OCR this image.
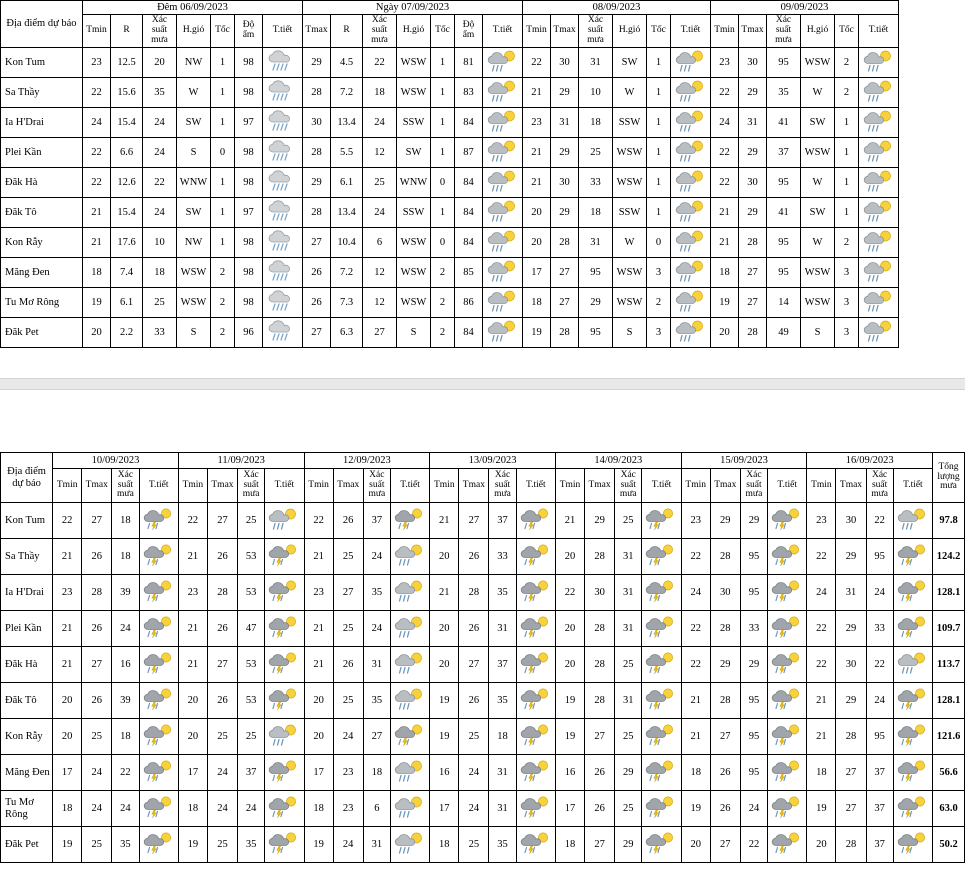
Địa điểm dự báo	Đêm 06/09/2023							Ngày 07/09/2023							08/09/2023						09/09/2023					
	Tmin	R	Xác suất mưa	H.gió	Tốc	Độ ẩm	T.tiết	Tmax	R	Xác suất mưa	H.gió	Tốc	Độ ẩm	T.tiết	Tmin	Tmax	Xác suất mưa	H.gió	Tốc	T.tiết	Tmin	Tmax	Xác suất mưa	H.gió	Tốc	T.tiết
Kon Tum	23	12.5	20	NW	1	98		29	4.5	22	WSW	1	81		22	30	31	SW	1		23	30	95	WSW	2	

Sa Thầy	22	15.6	35	W	1	98		28	7.2	18	WSW	1	83		21	29	10	W	1		22	29	35	W	2	

Ia H'Drai	24	15.4	24	SW	1	97		30	13.4	24	SSW	1	84		23	31	18	SSW	1		24	31	41	SW	1	

Plei Kần	22	6.6	24	S	0	98		28	5.5	12	SW	1	87		21	29	25	WSW	1		22	29	37	WSW	1	

Đăk Hà	22	12.6	22	WNW	1	98		29	6.1	25	WNW	0	84		21	30	33	WSW	1		22	30	95	W	1	

Đăk Tô	21	15.4	24	SW	1	97		28	13.4	24	SSW	1	84		20	29	18	SSW	1		21	29	41	SW	1	

Kon Rẫy	21	17.6	10	NW	1	98		27	10.4	6	WSW	0	84		20	28	31	W	0		21	28	95	W	2	

Măng Đen	18	7.4	18	WSW	2	98		26	7.2	12	WSW	2	85		17	27	95	WSW	3		18	27	95	WSW	3	

Tu Mơ Rông	19	6.1	25	WSW	2	98		26	7.3	12	WSW	2	86		18	27	29	WSW	2		19	27	14	WSW	3	

Đăk Pet	20	2.2	33	S	2	96		27	6.3	27	S	2	84		19	28	95	S	3		20	28	49	S	3	
Địa điểm dự báo	10/09/2023				11/09/2023				12/09/2023				13/09/2023				14/09/2023				15/09/2023				16/09/2023				Tổng lượng mưa
	Tmin	Tmax	Xác suất mưa	T.tiết	Tmin	Tmax	Xác suất mưa	T.tiết	Tmin	Tmax	Xác suất mưa	T.tiết	Tmin	Tmax	Xác suất mưa	T.tiết	Tmin	Tmax	Xác suất mưa	T.tiết	Tmin	Tmax	Xác suất mưa	T.tiết	Tmin	Tmax	Xác suất mưa	T.tiết	
Kon Tum	22	27	18		22	27	25		22	26	37		21	27	37		21	29	25		23	29	29		23	30	22		97.8
Sa Thầy	21	26	18		21	26	53		21	25	24		20	26	33		20	28	31		22	28	95		22	29	95		124.2
Ia H'Drai	23	28	39		23	28	53		23	27	35		21	28	35		22	30	31		24	30	95		24	31	24		128.1
Plei Kần	21	26	24		21	26	47		21	25	24		20	26	31		20	28	31		22	28	33		22	29	33		109.7
Đăk Hà	21	27	16		21	27	53		21	26	31		20	27	37		20	28	25		22	29	29		22	30	22		113.7
Đăk Tô	20	26	39		20	26	53		20	25	35		19	26	35		19	28	31		21	28	95		21	29	24		128.1
Kon Rẫy	20	25	18		20	25	25		20	24	27		19	25	18		19	27	25		21	27	95		21	28	95		121.6
Măng Đen	17	24	22		17	24	37		17	23	18		16	24	31		16	26	29		18	26	95		18	27	37		56.6
Tu Mơ Rông	18	24	24		18	24	24		18	23	6		17	24	31		17	26	25		19	26	24		19	27	37		63.0
Đăk Pet	19	25	35		19	25	35		19	24	31		18	25	35		18	27	29		20	27	22		20	28	37		50.2
